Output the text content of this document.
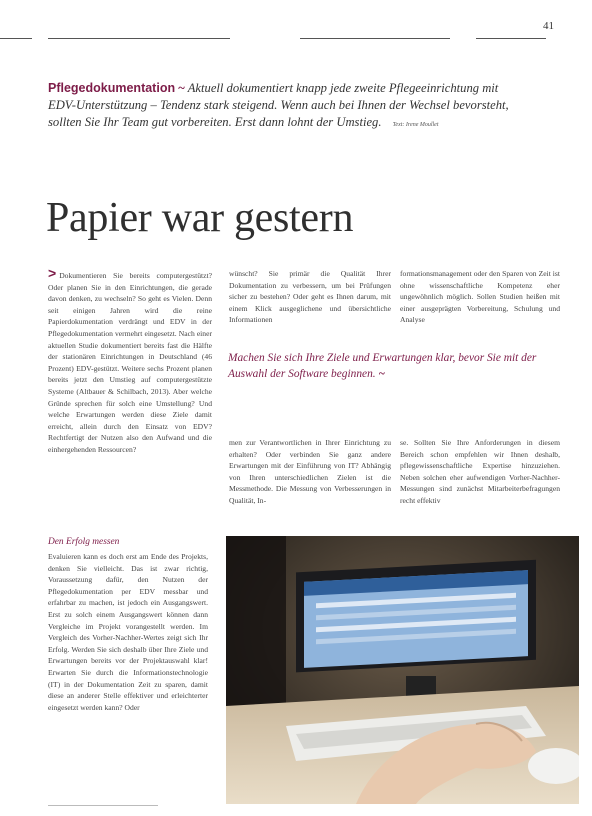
41
Pflegedokumentation ~ Aktuell dokumentiert knapp jede zweite Pflegeeinrichtung mit EDV-Unterstützung – Tendenz stark steigend. Wenn auch bei Ihnen der Wechsel bevorsteht, sollten Sie Ihr Team gut vorbereiten. Erst dann lohnt der Umstieg. Text: Irene Moullet
Papier war gestern
> Dokumentieren Sie bereits computergestützt? Oder planen Sie in den Einrichtungen, die gerade davon denken, zu wechseln? So geht es Vielen. Denn seit einigen Jahren wird die reine Papierdokumentation verdrängt und EDV in der Pflegedokumentation vermehrt eingesetzt. Nach einer aktuellen Studie dokumentiert bereits fast die Hälfte der stationären Einrichtungen in Deutschland (46 Prozent) EDV-gestützt. Weitere sechs Prozent planen bereits jetzt den Umstieg auf computergestützte Systeme (Altbauer & Schilbach, 2013). Aber welche Gründe sprechen für solch eine Umstellung? Und welche Erwartungen werden diese Ziele damit erreicht, allein durch den Einsatz von EDV? Rechtfertigt der Nutzen also den Aufwand und die einhergehenden Ressourcen?
wünscht? Sie primär die Qualität Ihrer Dokumentation zu verbessern, um bei Prüfungen sicher zu bestehen? Oder geht es Ihnen darum, mit einem Klick ausgeglichene und übersichtliche Informationen
formationsmanagement oder den Sparen von Zeit ist ohne wissenschaftliche Kompetenz eher ungewöhnlich möglich. Sollen Studien heißen mit einer ausgeprägten Vorbereitung, Schulung und Analyse
Machen Sie sich Ihre Ziele und Erwartungen klar, bevor Sie mit der Auswahl der Software beginnen. ~
men zur Verantwortlichen in Ihrer Einrichtung zu erhalten? Oder verbinden Sie ganz andere Erwartungen mit der Einführung von IT? Abhängig von Ihren unterschiedlichen Zielen ist die Messmethode. Die Messung von Verbesserungen in Qualität, In-
se. Sollten Sie Ihre Anforderungen in diesem Bereich schon empfehlen wir Ihnen deshalb, pflegewissenschaftliche Expertise hinzuziehen. Neben solchen eher aufwendigen Vorher-Nachher-Messungen sind zunächst Mitarbeiterbefragungen recht effektiv
Den Erfolg messen
Evaluieren kann es doch erst am Ende des Projekts, denken Sie vielleicht. Das ist zwar richtig, Voraussetzung dafür, den Nutzen der Pflegedokumentation per EDV messbar und erfahrbar zu machen, ist jedoch ein Ausgangswert. Erst zu solch einem Ausgangswert können dann Vergleiche im Projekt vorangestellt werden. Im Vergleich des Vorher-Nachher-Wertes zeigt sich Ihr Erfolg. Werden Sie sich deshalb über Ihre Ziele und Erwartungen bereits vor der Projektauswahl klar! Erwarten Sie durch die Informationstechnologie (IT) in der Dokumentation Zeit zu sparen, damit diese an anderer Stelle effektiver und erleichterter eingesetzt werden kann? Oder
